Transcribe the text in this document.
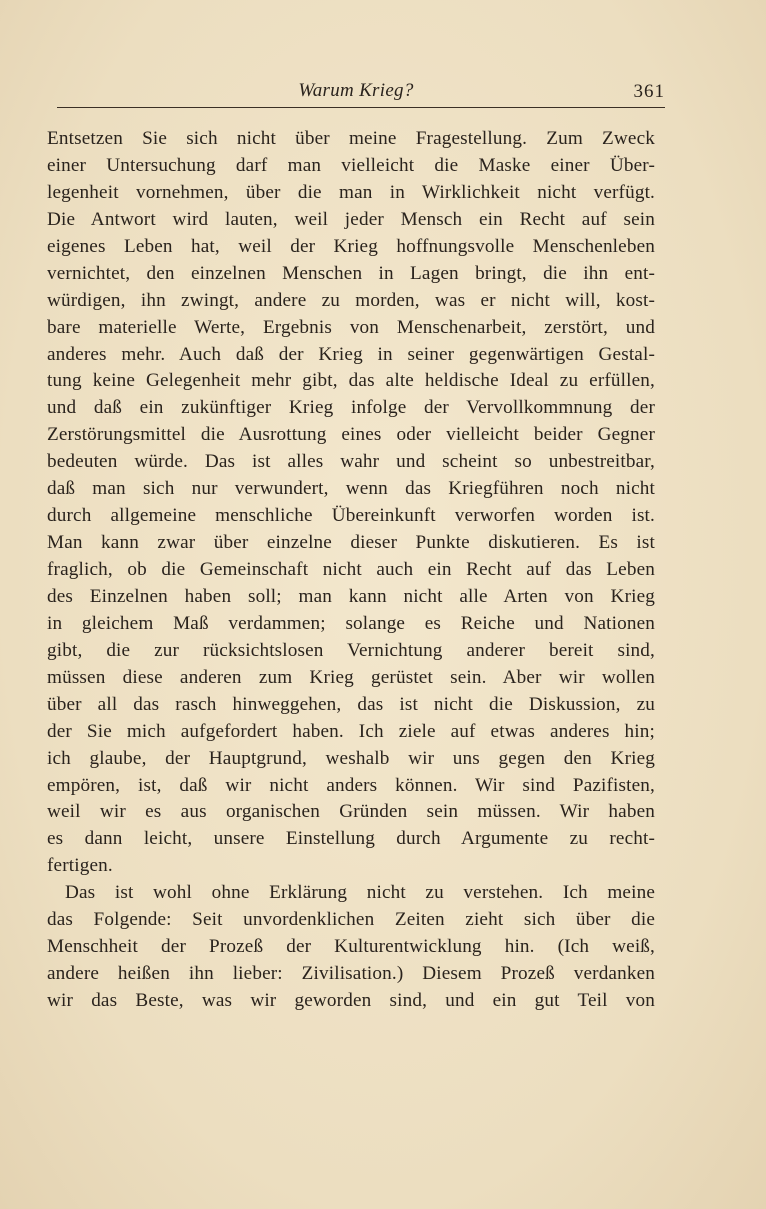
Warum Krieg?	361
Entsetzen Sie sich nicht über meine Fragestellung. Zum Zweck
einer Untersuchung darf man vielleicht die Maske einer Über-
legenheit vornehmen, über die man in Wirklichkeit nicht verfügt.
Die Antwort wird lauten, weil jeder Mensch ein Recht auf sein
eigenes Leben hat, weil der Krieg hoffnungsvolle Menschenleben
vernichtet, den einzelnen Menschen in Lagen bringt, die ihn ent-
würdigen, ihn zwingt, andere zu morden, was er nicht will, kost-
bare materielle Werte, Ergebnis von Menschenarbeit, zerstört, und
anderes mehr. Auch daß der Krieg in seiner gegenwärtigen Gestal-
tung keine Gelegenheit mehr gibt, das alte heldische Ideal zu erfüllen,
und daß ein zukünftiger Krieg infolge der Vervollkommnung der
Zerstörungsmittel die Ausrottung eines oder vielleicht beider Gegner
bedeuten würde. Das ist alles wahr und scheint so unbestreitbar,
daß man sich nur verwundert, wenn das Kriegführen noch nicht
durch allgemeine menschliche Übereinkunft verworfen worden ist.
Man kann zwar über einzelne dieser Punkte diskutieren. Es ist
fraglich, ob die Gemeinschaft nicht auch ein Recht auf das Leben
des Einzelnen haben soll; man kann nicht alle Arten von Krieg
in gleichem Maß verdammen; solange es Reiche und Nationen
gibt, die zur rücksichtslosen Vernichtung anderer bereit sind,
müssen diese anderen zum Krieg gerüstet sein. Aber wir wollen
über all das rasch hinweggehen, das ist nicht die Diskussion, zu
der Sie mich aufgefordert haben. Ich ziele auf etwas anderes hin;
ich glaube, der Hauptgrund, weshalb wir uns gegen den Krieg
empören, ist, daß wir nicht anders können. Wir sind Pazifisten,
weil wir es aus organischen Gründen sein müssen. Wir haben
es dann leicht, unsere Einstellung durch Argumente zu recht-
fertigen.
Das ist wohl ohne Erklärung nicht zu verstehen. Ich meine
das Folgende: Seit unvordenklichen Zeiten zieht sich über die
Menschheit der Prozeß der Kulturentwicklung hin. (Ich weiß,
andere heißen ihn lieber: Zivilisation.) Diesem Prozeß verdanken
wir das Beste, was wir geworden sind, und ein gut Teil von
